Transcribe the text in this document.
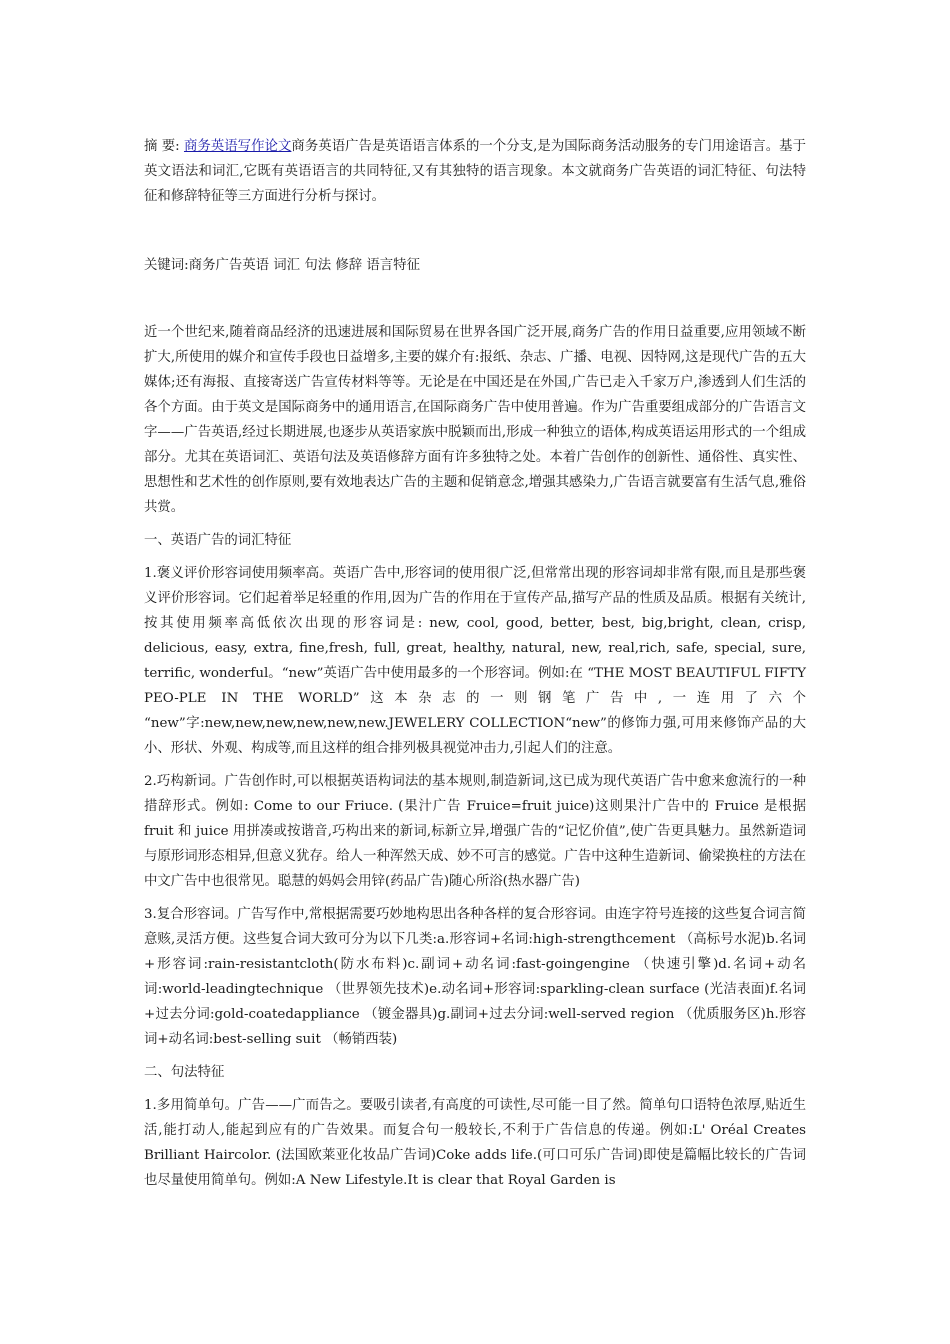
摘 要: 商务英语写作论文商务英语广告是英语语言体系的一个分支,是为国际商务活动服务的专门用途语言。基于英文语法和词汇,它既有英语语言的共同特征,又有其独特的语言现象。本文就商务广告英语的词汇特征、句法特征和修辞特征等三方面进行分析与探讨。

关键词:商务广告英语 词汇 句法 修辞 语言特征

近一个世纪来,随着商品经济的迅速进展和国际贸易在世界各国广泛开展,商务广告的作用日益重要,应用领域不断扩大,所使用的媒介和宣传手段也日益增多,主要的媒介有:报纸、杂志、广播、电视、因特网,这是现代广告的五大媒体;还有海报、直接寄送广告宣传材料等等。无论是在中国还是在外国,广告已走入千家万户,渗透到人们生活的各个方面。由于英文是国际商务中的通用语言,在国际商务广告中使用普遍。作为广告重要组成部分的广告语言文字——广告英语,经过长期进展,也逐步从英语家族中脱颖而出,形成一种独立的语体,构成英语运用形式的一个组成部分。尤其在英语词汇、英语句法及英语修辞方面有许多独特之处。本着广告创作的创新性、通俗性、真实性、思想性和艺术性的创作原则,要有效地表达广告的主题和促销意念,增强其感染力,广告语言就要富有生活气息,雅俗共赏。

一、英语广告的词汇特征

1.褒义评价形容词使用频率高。英语广告中,形容词的使用很广泛,但常常出现的形容词却非常有限,而且是那些褒义评价形容词。它们起着举足轻重的作用,因为广告的作用在于宣传产品,描写产品的性质及品质。根据有关统计,按其使用频率高低依次出现的形容词是: new, cool, good, better, best, big,bright, clean, crisp, delicious, easy, extra, fine,fresh, full, great, healthy, natural, new, real,rich, safe, special, sure, terrific, wonderful。“new”英语广告中使用最多的一个形容词。例如:在 “THE MOST BEAUTIFUL FIFTY PEO-PLE IN THE WORLD”这本杂志的一则钢笔广告中,一连用了六个 “new”字:new,new,new,new,new,new.JEWELERY COLLECTION“new”的修饰力强,可用来修饰产品的大小、形状、外观、构成等,而且这样的组合排列极具视觉冲击力,引起人们的注意。

2.巧构新词。广告创作时,可以根据英语构词法的基本规则,制造新词,这已成为现代英语广告中愈来愈流行的一种措辞形式。例如: Come to our Friuce. (果汁广告 Fruice=fruit juice)这则果汁广告中的 Fruice 是根据 fruit 和 juice 用拼凑或按谐音,巧构出来的新词,标新立异,增强广告的“记忆价值”,使广告更具魅力。虽然新造词与原形词形态相异,但意义犹存。给人一种浑然天成、妙不可言的感觉。广告中这种生造新词、偷梁换柱的方法在中文广告中也很常见。聪慧的妈妈会用锌(药品广告)随心所浴(热水器广告)

3.复合形容词。广告写作中,常根据需要巧妙地构思出各种各样的复合形容词。由连字符号连接的这些复合词言简意赅,灵活方便。这些复合词大致可分为以下几类:a.形容词+名词:high-strengthcement （高标号水泥)b.名词+形容词:rain-resistantcloth(防水布料)c.副词+动名词:fast-goingengine （快速引擎)d.名词+动名词:world-leadingtechnique （世界领先技术)e.动名词+形容词:sparkling-clean surface (光洁表面)f.名词+过去分词:gold-coatedappliance （镀金器具)g.副词+过去分词:well-served region （优质服务区)h.形容词+动名词:best-selling suit （畅销西装)

二、句法特征

1.多用简单句。广告——广而告之。要吸引读者,有高度的可读性,尽可能一目了然。简单句口语特色浓厚,贴近生活,能打动人,能起到应有的广告效果。而复合句一般较长,不利于广告信息的传递。例如:L' Oréal Creates Brilliant Haircolor. (法国欧莱亚化妆品广告词)Coke adds life.(可口可乐广告词)即使是篇幅比较长的广告词也尽量使用简单句。例如:A New Lifestyle.It is clear that Royal Garden is
